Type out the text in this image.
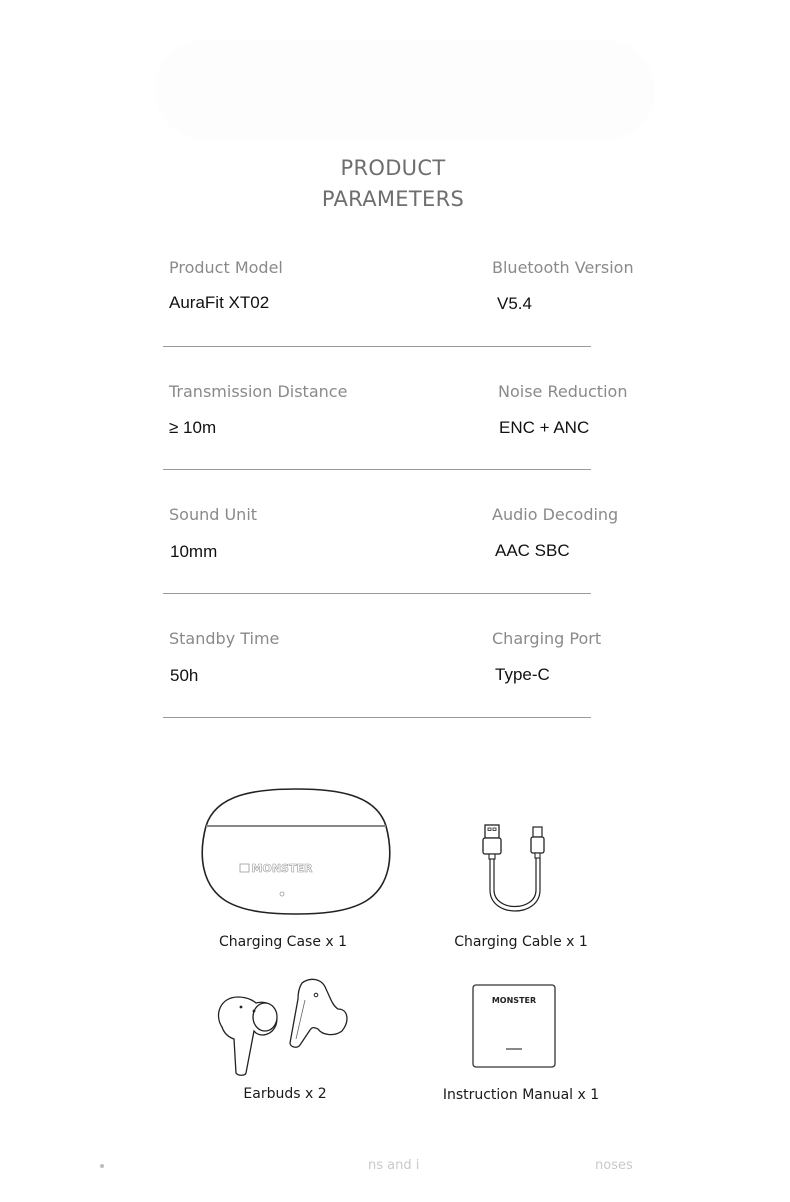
PRODUCT
PARAMETERS
Product Model
AuraFit XT02
Bluetooth Version
V5.4
Transmission Distance
≥ 10m
Noise Reduction
ENC + ANC
Sound Unit
10mm
Audio Decoding
AAC SBC
Standby Time
50h
Charging Port
Type-C
MONSTER
Charging Case x 1	Charging Cable x 1
Earbuds x 2
MONSTER
Instruction Manual x 1
ns and i	noses
